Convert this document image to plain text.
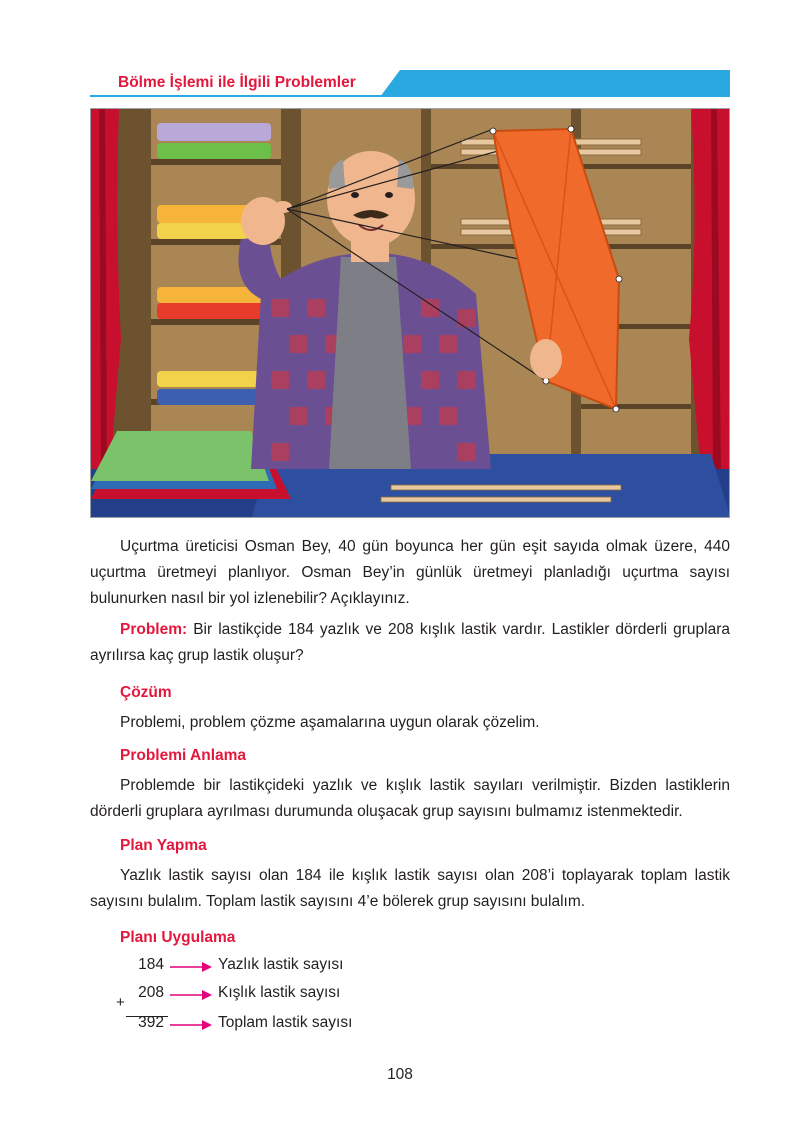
Bölme İşlemi ile İlgili Problemler

Uçurtma üreticisi Osman Bey, 40 gün boyunca her gün eşit sayıda olmak üzere, 440 uçurtma üretmeyi planlıyor. Osman Bey’in günlük üretmeyi planladığı uçurtma sayısı bulunurken nasıl bir yol izlenebilir? Açıklayınız.

Problem: Bir lastikçide 184 yazlık ve 208 kışlık lastik vardır. Lastikler dörderli gruplara ayrılırsa kaç grup lastik oluşur?

Çözüm

Problemi, problem çözme aşamalarına uygun olarak çözelim.

Problemi Anlama

Problemde bir lastikçideki yazlık ve kışlık lastik sayıları verilmiştir. Bizden lastiklerin dörderli gruplara ayrılması durumunda oluşacak grup sayısını bulmamız istenmektedir.

Plan Yapma

Yazlık lastik sayısı olan 184 ile kışlık lastik sayısı olan 208’i toplayarak toplam lastik sayısını bulalım. Toplam lastik sayısını 4’e bölerek grup sayısını bulalım.

Planı Uygulama

184	Yazlık lastik sayısı
208	Kışlık lastik sayısı
+
392	Toplam lastik sayısı
108
